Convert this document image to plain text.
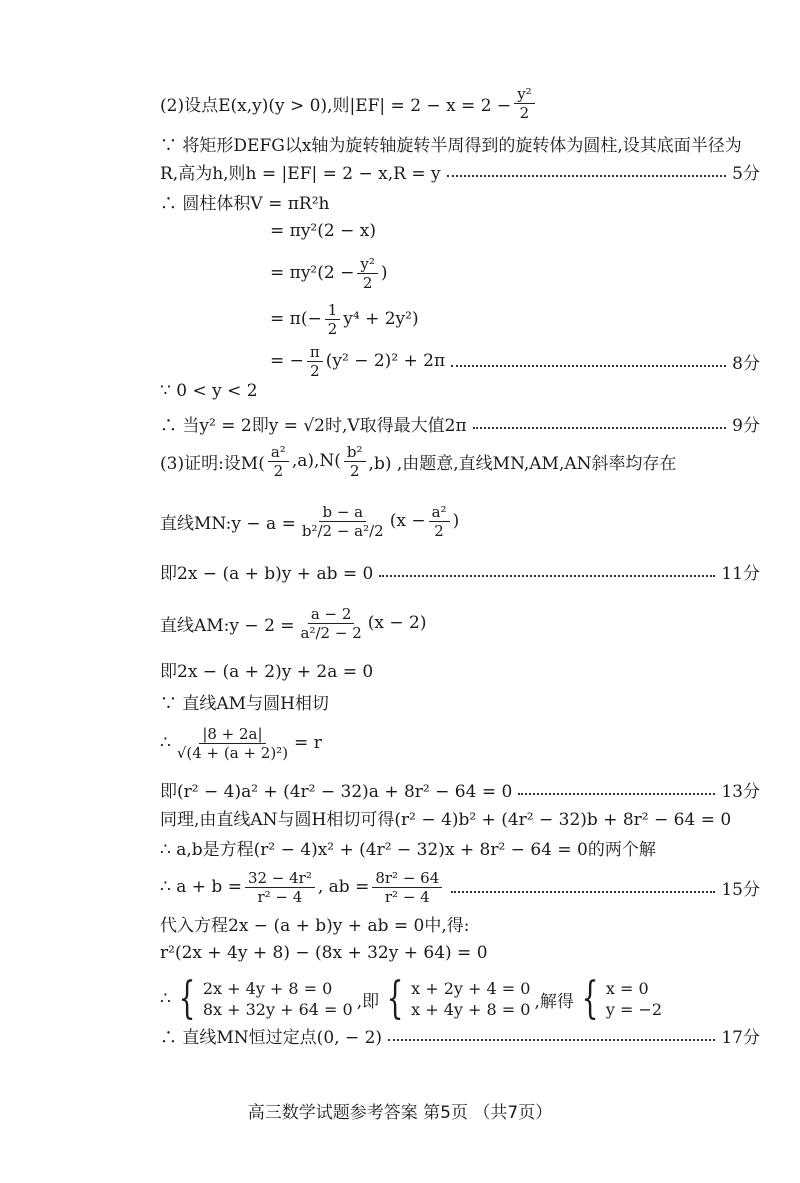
(2)设点E(x,y)(y > 0),则$|EF| = 2 - x = 2 - \frac{\text{y²}}{2}$
∵ 将矩形DEFG以x轴为旋转轴旋转半周得到的旋转体为圆柱,设其底面半径为
R,高为h,则h = |EF| = 2 − x,R = y	5分
∴ 圆柱体积V = πR²h
= πy²(2 − x)
= $\pi y^2(2 - \frac{\text{y²}}{2}$ )
= $\pi(- \frac{1}{2} y^4 + 2y^2)$
= − $\frac{\pi}{2} (y^2 - 2)^2 + 2\pi$	8分
∵ 0 < y < 2
∴ 当y² = 2即y = √2时,V取得最大值2π	9分
(3)证明:设$M( \frac{\text{a²}}{2} ,a),N( \frac{\text{b²}}{2} ,b)$ ,由题意,直线MN,AM,AN斜率均存在
直线MN:y − $a = \frac{b - a}{\text{b²/2 − a²/2}} (x - \frac{\text{a²}}{2}$ )
即2x − (a + b)y + ab = 0	11分
直线AM:y − $2 = \frac{a - 2}{\text{a²/2 − 2}} (x - 2)$
即2x − (a + 2)y + 2a = 0
∵ 直线AM与圆H相切
∴ $\frac{|8 + 2a|}{\text{√(4 + (a + 2)²)}} = r$
即(r² − 4)a² + (4r² − 32)a + 8r² − 64 = 0	13分
同理,由直线AN与圆H相切可得(r² − 4)b² + (4r² − 32)b + 8r² − 64 = 0
∴ a,b是方程(r² − 4)x² + (4r² − 32)x + 8r² − 64 = 0的两个解
∴ $a + b = \frac{\text{32 − 4r²}}{\text{r² − 4}}$ , ab = $\frac{\text{8r² − 64}}{\text{r² − 4}}$	15分
代入方程2x − (a + b)y + ab = 0中,得:
r²(2x + 4y + 8) − (8x + 32y + 64) = 0
∴ { 2x + 4y + 8 = 0
8x + 32y + 64 = 0 ,即 { x + 2y + 4 = 0
x + 4y + 8 = 0 ,解得 { x = 0
y = −2
∴ 直线MN恒过定点(0, − 2)	17分
高三数学试题参考答案 第5页 （共7页）
